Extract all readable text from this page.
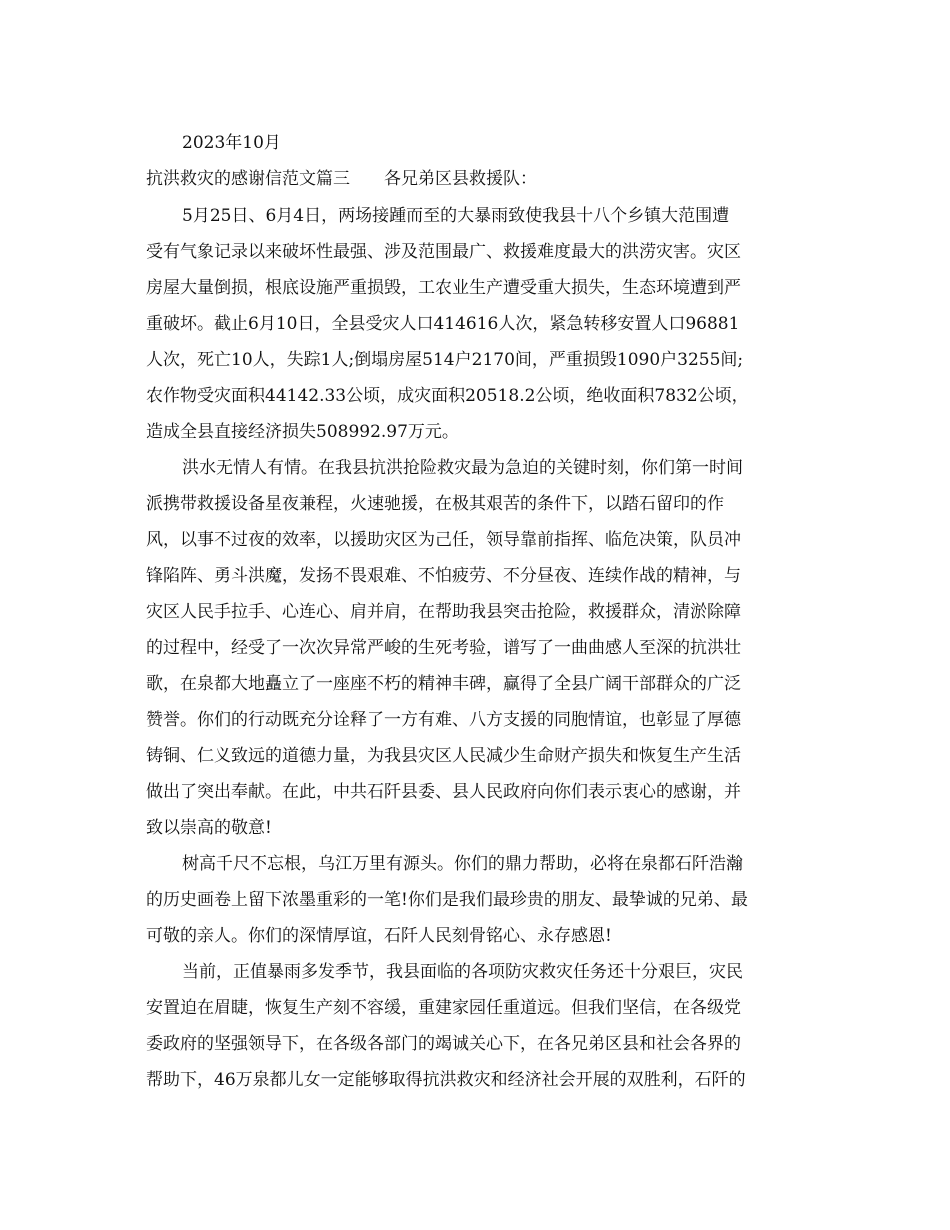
2023年10月
抗洪救灾的感谢信范文篇三　　各兄弟区县救援队：
5月25日、6月4日，两场接踵而至的大暴雨致使我县十八个乡镇大范围遭
受有气象记录以来破坏性最强、涉及范围最广、救援难度最大的洪涝灾害。灾区
房屋大量倒损，根底设施严重损毁，工农业生产遭受重大损失，生态环境遭到严
重破坏。截止6月10日，全县受灾人口414616人次，紧急转移安置人口96881
人次，死亡10人，失踪1人;倒塌房屋514户2170间，严重损毁1090户3255间;
农作物受灾面积44142.33公顷，成灾面积20518.2公顷，绝收面积7832公顷，
造成全县直接经济损失508992.97万元。
洪水无情人有情。在我县抗洪抢险救灾最为急迫的关键时刻，你们第一时间
派携带救援设备星夜兼程，火速驰援，在极其艰苦的条件下，以踏石留印的作
风，以事不过夜的效率，以援助灾区为己任，领导靠前指挥、临危决策，队员冲
锋陷阵、勇斗洪魔，发扬不畏艰难、不怕疲劳、不分昼夜、连续作战的精神，与
灾区人民手拉手、心连心、肩并肩，在帮助我县突击抢险，救援群众，清淤除障
的过程中，经受了一次次异常严峻的生死考验，谱写了一曲曲感人至深的抗洪壮
歌，在泉都大地矗立了一座座不朽的精神丰碑，赢得了全县广阔干部群众的广泛
赞誉。你们的行动既充分诠释了一方有难、八方支援的同胞情谊，也彰显了厚德
铸铜、仁义致远的道德力量，为我县灾区人民减少生命财产损失和恢复生产生活
做出了突出奉献。在此，中共石阡县委、县人民政府向你们表示衷心的感谢，并
致以崇高的敬意!
树高千尺不忘根，乌江万里有源头。你们的鼎力帮助，必将在泉都石阡浩瀚
的历史画卷上留下浓墨重彩的一笔!你们是我们最珍贵的朋友、最挚诚的兄弟、最
可敬的亲人。你们的深情厚谊，石阡人民刻骨铭心、永存感恩!
当前，正值暴雨多发季节，我县面临的各项防灾救灾任务还十分艰巨，灾民
安置迫在眉睫，恢复生产刻不容缓，重建家园任重道远。但我们坚信，在各级党
委政府的坚强领导下，在各级各部门的竭诚关心下，在各兄弟区县和社会各界的
帮助下，46万泉都儿女一定能够取得抗洪救灾和经济社会开展的双胜利，石阡的
